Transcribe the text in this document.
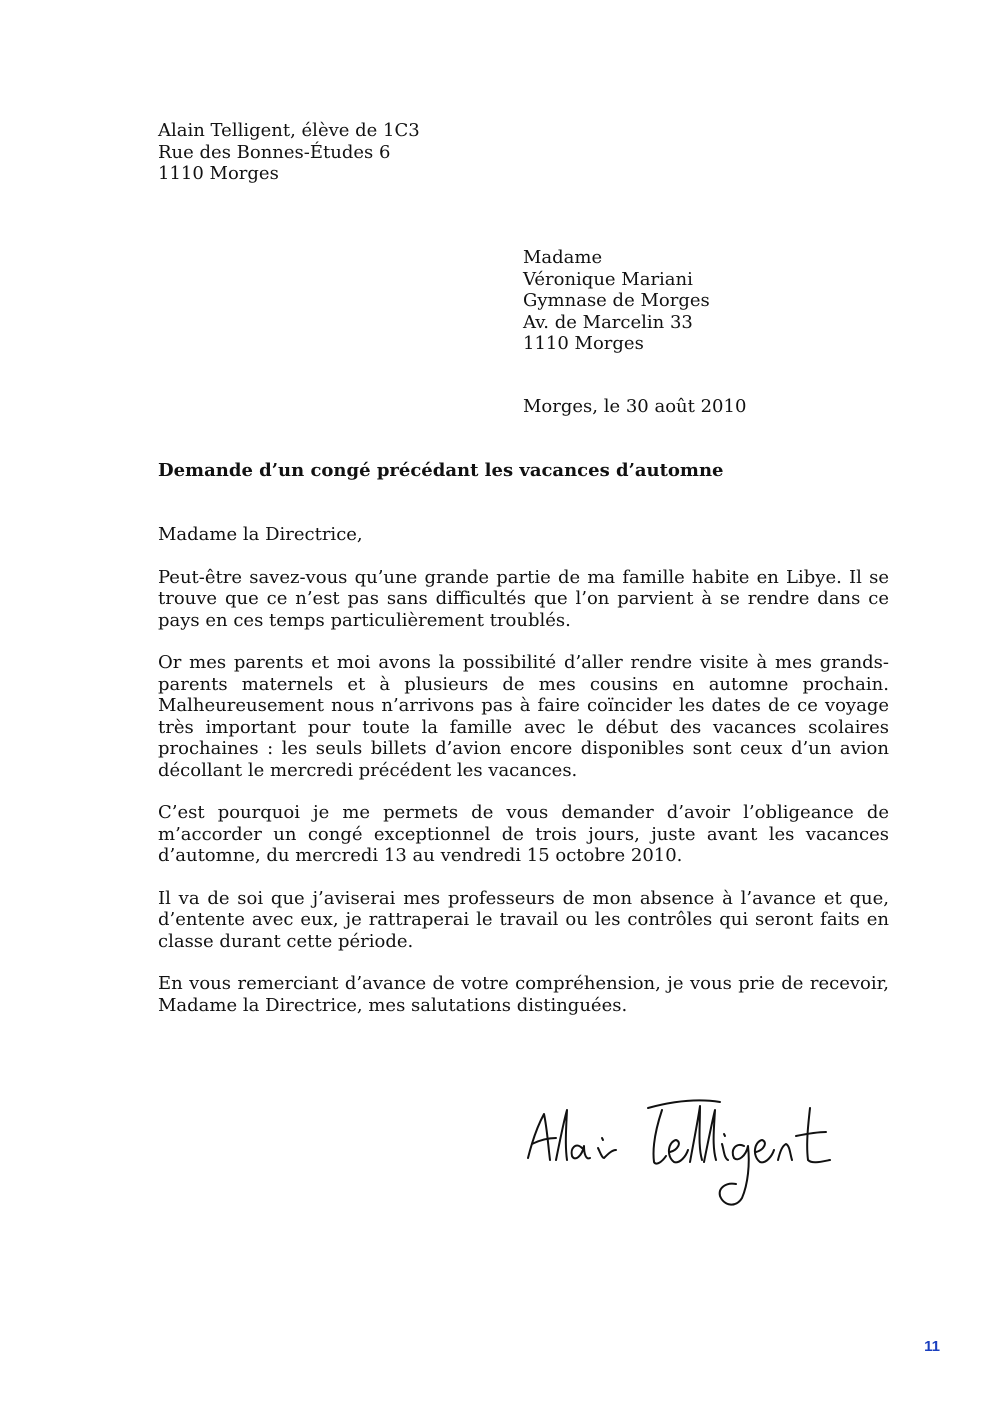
Alain Telligent, élève de 1C3
Rue des Bonnes-Études 6
1110 Morges
Madame
Véronique Mariani
Gymnase de Morges
Av. de Marcelin 33
1110 Morges
Morges, le 30 août 2010
Demande d’un congé précédant les vacances d’automne

Madame la Directrice,

Peut-être savez-vous qu’une grande partie de ma famille habite en Libye. Il se trouve que ce n’est pas sans difficultés que l’on parvient à se rendre dans ce pays en ces temps particulièrement troublés.

Or mes parents et moi avons la possibilité d’aller rendre visite à mes grands-parents maternels et à plusieurs de mes cousins en automne prochain. Malheureusement nous n’arrivons pas à faire coïncider les dates de ce voyage très important pour toute la famille avec le début des vacances scolaires prochaines : les seuls billets d’avion encore disponibles sont ceux d’un avion décollant le mercredi précédent les vacances.

C’est pourquoi je me permets de vous demander d’avoir l’obligeance de m’accorder un congé exceptionnel de trois jours, juste avant les vacances d’automne, du mercredi 13 au vendredi 15 octobre 2010.

Il va de soi que j’aviserai mes professeurs de mon absence à l’avance et que, d’entente avec eux, je rattraperai le travail ou les contrôles qui seront faits en classe durant cette période.

En vous remerciant d’avance de votre compréhension, je vous prie de recevoir, Madame la Directrice, mes salutations distinguées.

11
